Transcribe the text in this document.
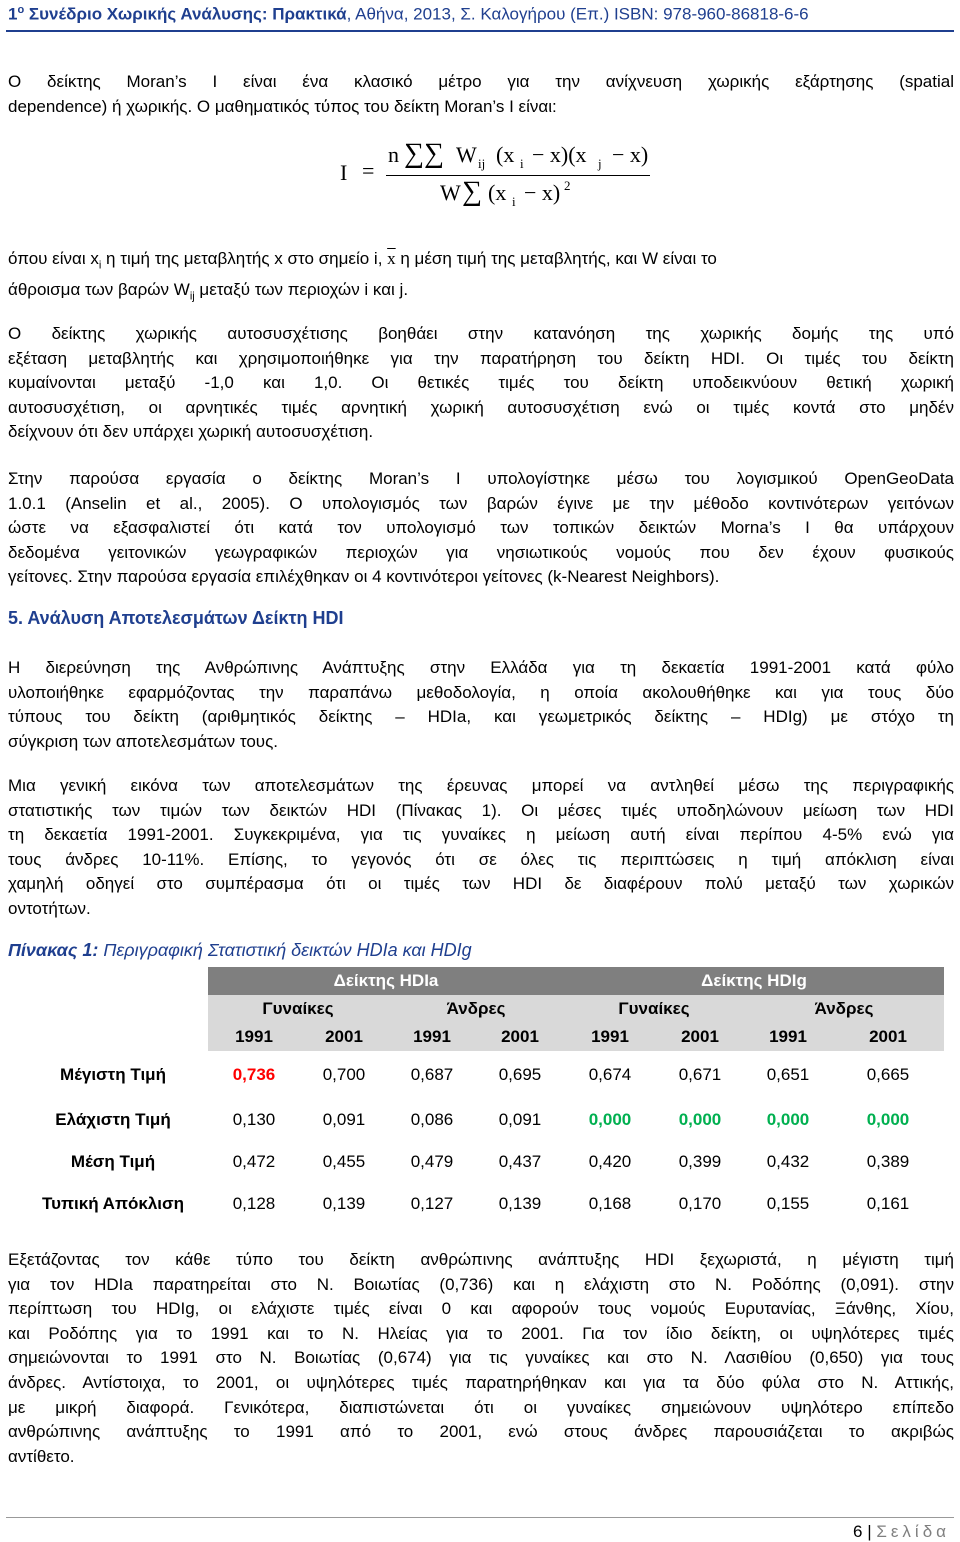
$1^o$ Συνέδριο Χωρικής Ανάλυσης: Πρακτικά, Αθήνα, 2013, Σ. Καλογήρου (Επ.) ISBN: 978-960-86818-6-6
Ο δείκτης Moran’s I είναι ένα κλασικό μέτρο για την ανίχνευση χωρικής εξάρτησης (spatial
dependence) ή χωρικής. Ο μαθηματικός τύπος του δείκτη Moran’s I είναι:
I =
n ∑∑ W ij (x i − x)(x j − x)
W ∑ (x i − x) 2
όπου είναι $x_i$ η τιμή της μεταβλητής x στο σημείο i, $\overline{x}$ η μέση τιμή της μεταβλητής, και W είναι το
άθροισμα των βαρών $W_{ij}$ μεταξύ των περιοχών i και j.
Ο δείκτης χωρικής αυτοσυσχέτισης βοηθάει στην κατανόηση της χωρικής δομής της υπό
εξέταση μεταβλητής και χρησιμοποιήθηκε για την παρατήρηση του δείκτη HDI. Οι τιμές του δείκτη
κυμαίνονται μεταξύ -1,0 και 1,0. Οι θετικές τιμές του δείκτη υποδεικνύουν θετική χωρική
αυτοσυσχέτιση, οι αρνητικές τιμές αρνητική χωρική αυτοσυσχέτιση ενώ οι τιμές κοντά στο μηδέν
δείχνουν ότι δεν υπάρχει χωρική αυτοσυσχέτιση.
Στην παρούσα εργασία ο δείκτης Moran’s I υπολογίστηκε μέσω του λογισμικού OpenGeoData
1.0.1 (Anselin et al., 2005). Ο υπολογισμός των βαρών έγινε με την μέθοδο κοντινότερων γειτόνων
ώστε να εξασφαλιστεί ότι κατά τον υπολογισμό των τοπικών δεικτών Morna’s I θα υπάρχουν
δεδομένα γειτονικών γεωγραφικών περιοχών για νησιωτικούς νομούς που δεν έχουν φυσικούς
γείτονες. Στην παρούσα εργασία επιλέχθηκαν οι 4 κοντινότεροι γείτονες (k-Nearest Neighbors).
5. Ανάλυση Αποτελεσμάτων Δείκτη HDI
Η διερεύνηση της Ανθρώπινης Ανάπτυξης στην Ελλάδα για τη δεκαετία 1991-2001 κατά φύλο
υλοποιήθηκε εφαρμόζοντας την παραπάνω μεθοδολογία, η οποία ακολουθήθηκε και για τους δύο
τύπους του δείκτη (αριθμητικός δείκτης – HDIa, και γεωμετρικός δείκτης – HDIg) με στόχο τη
σύγκριση των αποτελεσμάτων τους.
Μια γενική εικόνα των αποτελεσμάτων της έρευνας μπορεί να αντληθεί μέσω της περιγραφικής
στατιστικής των τιμών των δεικτών HDI (Πίνακας 1). Οι μέσες τιμές υποδηλώνουν μείωση των HDI
τη δεκαετία 1991-2001. Συγκεκριμένα, για τις γυναίκες η μείωση αυτή είναι περίπου 4-5% ενώ για
τους άνδρες 10-11%. Επίσης, το γεγονός ότι σε όλες τις περιπτώσεις η τιμή απόκλιση είναι
χαμηλή οδηγεί στο συμπέρασμα ότι οι τιμές των HDI δε διαφέρουν πολύ μεταξύ των χωρικών
οντοτήτων.
Πίνακας 1: Περιγραφική Στατιστική δεικτών HDIa και HDIg
	Δείκτης HDIa				Δείκτης HDIg			
	Γυναίκες		Άνδρες		Γυναίκες		Άνδρες	
	1991	2001	1991	2001	1991	2001	1991	2001
Μέγιστη Τιμή	0,736	0,700	0,687	0,695	0,674	0,671	0,651	0,665
Ελάχιστη Τιμή	0,130	0,091	0,086	0,091	0,000	0,000	0,000	0,000
Μέση Τιμή	0,472	0,455	0,479	0,437	0,420	0,399	0,432	0,389
Τυπική Απόκλιση	0,128	0,139	0,127	0,139	0,168	0,170	0,155	0,161
Εξετάζοντας τον κάθε τύπο του δείκτη ανθρώπινης ανάπτυξης HDI ξεχωριστά, η μέγιστη τιμή
για τον HDIa παρατηρείται στο Ν. Βοιωτίας (0,736) και η ελάχιστη στο Ν. Ροδόπης (0,091). στην
περίπτωση του HDIg, οι ελάχιστε τιμές είναι 0 και αφορούν τους νομούς Ευρυτανίας, Ξάνθης, Χίου,
και Ροδόπης για το 1991 και το Ν. Ηλείας για το 2001. Για τον ίδιο δείκτη, οι υψηλότερες τιμές
σημειώνονται το 1991 στο Ν. Βοιωτίας (0,674) για τις γυναίκες και στο Ν. Λασιθίου (0,650) για τους
άνδρες. Αντίστοιχα, το 2001, οι υψηλότερες τιμές παρατηρήθηκαν και για τα δύο φύλα στο Ν. Αττικής,
με μικρή διαφορά. Γενικότερα, διαπιστώνεται ότι οι γυναίκες σημειώνουν υψηλότερο επίπεδο
ανθρώπινης ανάπτυξης το 1991 από το 2001, ενώ στους άνδρες παρουσιάζεται το ακριβώς
αντίθετο.
6 | Σελίδα
